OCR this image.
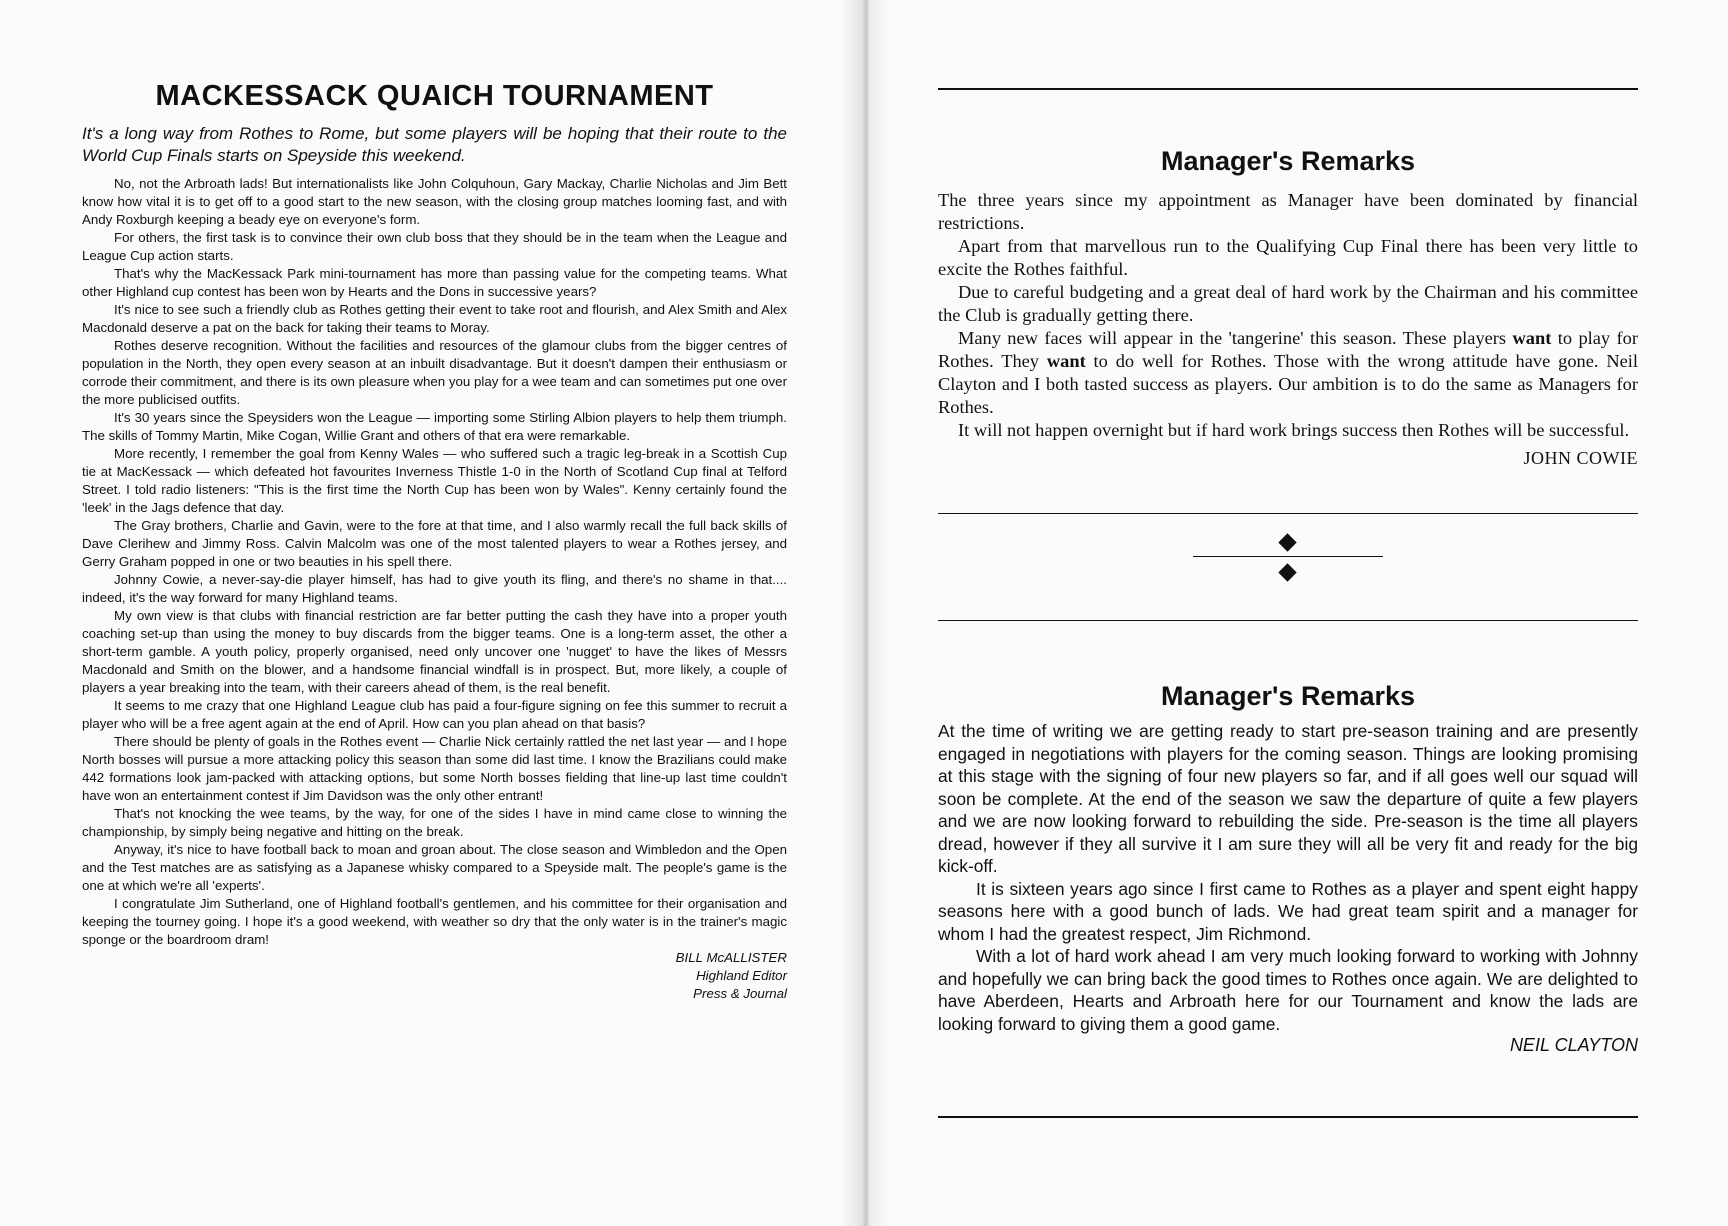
MACKESSACK QUAICH TOURNAMENT

It's a long way from Rothes to Rome, but some players will be hoping that their route to the World Cup Finals starts on Speyside this weekend.

No, not the Arbroath lads! But internationalists like John Colquhoun, Gary Mackay, Charlie Nicholas and Jim Bett know how vital it is to get off to a good start to the new season, with the closing group matches looming fast, and with Andy Roxburgh keeping a beady eye on everyone's form.

For others, the first task is to convince their own club boss that they should be in the team when the League and League Cup action starts.

That's why the MacKessack Park mini-tournament has more than passing value for the competing teams. What other Highland cup contest has been won by Hearts and the Dons in successive years?

It's nice to see such a friendly club as Rothes getting their event to take root and flourish, and Alex Smith and Alex Macdonald deserve a pat on the back for taking their teams to Moray.

Rothes deserve recognition. Without the facilities and resources of the glamour clubs from the bigger centres of population in the North, they open every season at an inbuilt disadvantage. But it doesn't dampen their enthusiasm or corrode their commitment, and there is its own pleasure when you play for a wee team and can sometimes put one over the more publicised outfits.

It's 30 years since the Speysiders won the League — importing some Stirling Albion players to help them triumph. The skills of Tommy Martin, Mike Cogan, Willie Grant and others of that era were remarkable.

More recently, I remember the goal from Kenny Wales — who suffered such a tragic leg-break in a Scottish Cup tie at MacKessack — which defeated hot favourites Inverness Thistle 1-0 in the North of Scotland Cup final at Telford Street. I told radio listeners: "This is the first time the North Cup has been won by Wales". Kenny certainly found the 'leek' in the Jags defence that day.

The Gray brothers, Charlie and Gavin, were to the fore at that time, and I also warmly recall the full back skills of Dave Clerihew and Jimmy Ross. Calvin Malcolm was one of the most talented players to wear a Rothes jersey, and Gerry Graham popped in one or two beauties in his spell there.

Johnny Cowie, a never-say-die player himself, has had to give youth its fling, and there's no shame in that.... indeed, it's the way forward for many Highland teams.

My own view is that clubs with financial restriction are far better putting the cash they have into a proper youth coaching set-up than using the money to buy discards from the bigger teams. One is a long-term asset, the other a short-term gamble. A youth policy, properly organised, need only uncover one 'nugget' to have the likes of Messrs Macdonald and Smith on the blower, and a handsome financial windfall is in prospect. But, more likely, a couple of players a year breaking into the team, with their careers ahead of them, is the real benefit.

It seems to me crazy that one Highland League club has paid a four-figure signing on fee this summer to recruit a player who will be a free agent again at the end of April. How can you plan ahead on that basis?

There should be plenty of goals in the Rothes event — Charlie Nick certainly rattled the net last year — and I hope North bosses will pursue a more attacking policy this season than some did last time. I know the Brazilians could make 442 formations look jam-packed with attacking options, but some North bosses fielding that line-up last time couldn't have won an entertainment contest if Jim Davidson was the only other entrant!

That's not knocking the wee teams, by the way, for one of the sides I have in mind came close to winning the championship, by simply being negative and hitting on the break.

Anyway, it's nice to have football back to moan and groan about. The close season and Wimbledon and the Open and the Test matches are as satisfying as a Japanese whisky compared to a Speyside malt. The people's game is the one at which we're all 'experts'.

I congratulate Jim Sutherland, one of Highland football's gentlemen, and his committee for their organisation and keeping the tourney going. I hope it's a good weekend, with weather so dry that the only water is in the trainer's magic sponge or the boardroom dram!

BILL McALLISTER
Highland Editor
Press & Journal
Manager's Remarks

The three years since my appointment as Manager have been dominated by financial restrictions.

Apart from that marvellous run to the Qualifying Cup Final there has been very little to excite the Rothes faithful.

Due to careful budgeting and a great deal of hard work by the Chairman and his committee the Club is gradually getting there.

Many new faces will appear in the 'tangerine' this season. These players want to play for Rothes. They want to do well for Rothes. Those with the wrong attitude have gone. Neil Clayton and I both tasted success as players. Our ambition is to do the same as Managers for Rothes.

It will not happen overnight but if hard work brings success then Rothes will be successful.

JOHN COWIE
Manager's Remarks

At the time of writing we are getting ready to start pre-season training and are presently engaged in negotiations with players for the coming season. Things are looking promising at this stage with the signing of four new players so far, and if all goes well our squad will soon be complete. At the end of the season we saw the departure of quite a few players and we are now looking forward to rebuilding the side. Pre-season is the time all players dread, however if they all survive it I am sure they will all be very fit and ready for the big kick-off.

It is sixteen years ago since I first came to Rothes as a player and spent eight happy seasons here with a good bunch of lads. We had great team spirit and a manager for whom I had the greatest respect, Jim Richmond.

With a lot of hard work ahead I am very much looking forward to working with Johnny and hopefully we can bring back the good times to Rothes once again. We are delighted to have Aberdeen, Hearts and Arbroath here for our Tournament and know the lads are looking forward to giving them a good game.

NEIL CLAYTON
